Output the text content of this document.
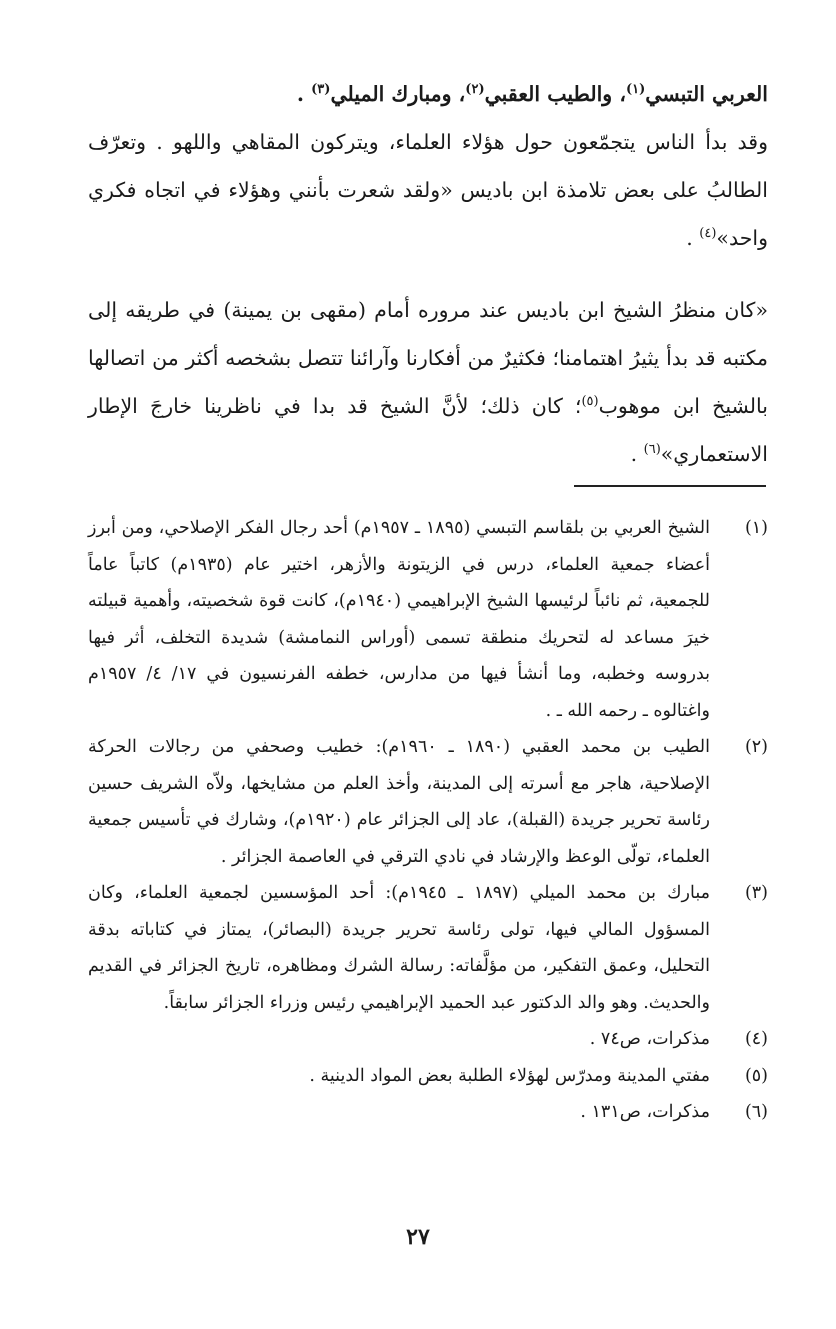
العربي التبسي$^{(١)}$، والطيب العقبي$^{(٢)}$، ومبارك الميلي$^{(٣)}$ .

وقد بدأ الناس يتجمّعون حول هؤلاء العلماء، ويتركون المقاهي واللهو . وتعرّف الطالبُ على بعض تلامذة ابن باديس «ولقد شعرت بأنني وهؤلاء في اتجاه فكري واحد»$^{(٤)}$ .

«كان منظرُ الشيخ ابن باديس عند مروره أمام (مقهى بن يمينة) في طريقه إلى مكتبه قد بدأ يثيرُ اهتمامنا؛ فكثيرٌ من أفكارنا وآرائنا تتصل بشخصه أكثر من اتصالها بالشيخ ابن موهوب$^{(٥)}$؛ كان ذلك؛ لأنَّ الشيخ قد بدا في ناظرينا خارجَ الإطار الاستعماري»$^{(٦)}$ .

(١)
الشيخ العربي بن بلقاسم التبسي (١٨٩٥ ـ ١٩٥٧م) أحد رجال الفكر الإصلاحي، ومن أبرز أعضاء جمعية العلماء، درس في الزيتونة والأزهر، اختير عام (١٩٣٥م) كاتباً عاماً للجمعية، ثم نائباً لرئيسها الشيخ الإبراهيمي (١٩٤٠م)، كانت قوة شخصيته، وأهمية قبيلته خيرَ مساعد له لتحريك منطقة تسمى (أوراس النمامشة) شديدة التخلف، أثر فيها بدروسه وخطبه، وما أنشأ فيها من مدارس، خطفه الفرنسيون في ١٧/ ٤/ ١٩٥٧م واغتالوه ـ رحمه الله ـ .
(٢)
الطيب بن محمد العقبي (١٨٩٠ ـ ١٩٦٠م): خطيب وصحفي من رجالات الحركة الإصلاحية، هاجر مع أسرته إلى المدينة، وأخذ العلم من مشايخها، ولاّه الشريف حسين رئاسة تحرير جريدة (القبلة)، عاد إلى الجزائر عام (١٩٢٠م)، وشارك في تأسيس جمعية العلماء، تولّى الوعظ والإرشاد في نادي الترقي في العاصمة الجزائر .
(٣)
مبارك بن محمد الميلي (١٨٩٧ ـ ١٩٤٥م): أحد المؤسسين لجمعية العلماء، وكان المسؤول المالي فيها، تولى رئاسة تحرير جريدة (البصائر)، يمتاز في كتاباته بدقة التحليل، وعمق التفكير، من مؤلَّفاته: رسالة الشرك ومظاهره، تاريخ الجزائر في القديم والحديث. وهو والد الدكتور عبد الحميد الإبراهيمي رئيس وزراء الجزائر سابقاً.
(٤)
مذكرات، ص٧٤ .
(٥)
مفتي المدينة ومدرّس لهؤلاء الطلبة بعض المواد الدينية .
(٦)
مذكرات، ص١٣١ .
٢٧
